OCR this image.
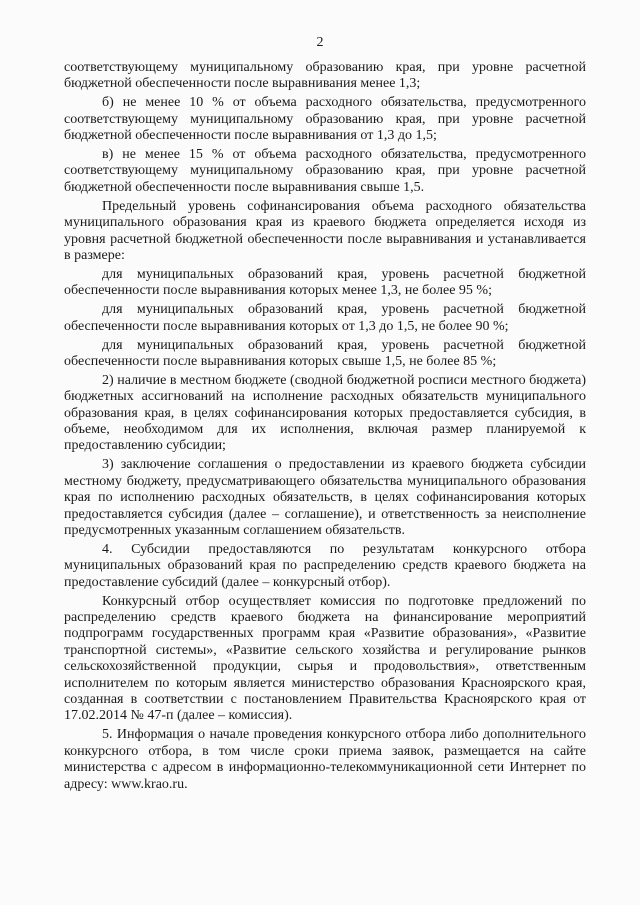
2

соответствующему муниципальному образованию края, при уровне расчетной бюджетной обеспеченности после выравнивания менее 1,3;

б) не менее 10 % от объема расходного обязательства, предусмотренного соответствующему муниципальному образованию края, при уровне расчетной бюджетной обеспеченности после выравнивания от 1,3 до 1,5;

в) не менее 15 % от объема расходного обязательства, предусмотренного соответствующему муниципальному образованию края, при уровне расчетной бюджетной обеспеченности после выравнивания свыше 1,5.

Предельный уровень софинансирования объема расходного обязательства муниципального образования края из краевого бюджета определяется исходя из уровня расчетной бюджетной обеспеченности после выравнивания и устанавливается в размере:

для муниципальных образований края, уровень расчетной бюджетной обеспеченности после выравнивания которых менее 1,3, не более 95 %;

для муниципальных образований края, уровень расчетной бюджетной обеспеченности после выравнивания которых от 1,3 до 1,5, не более 90 %;

для муниципальных образований края, уровень расчетной бюджетной обеспеченности после выравнивания которых свыше 1,5, не более 85 %;

2) наличие в местном бюджете (сводной бюджетной росписи местного бюджета) бюджетных ассигнований на исполнение расходных обязательств муниципального образования края, в целях софинансирования которых предоставляется субсидия, в объеме, необходимом для их исполнения, включая размер планируемой к предоставлению субсидии;

3) заключение соглашения о предоставлении из краевого бюджета субсидии местному бюджету, предусматривающего обязательства муниципального образования края по исполнению расходных обязательств, в целях софинансирования которых предоставляется субсидия (далее – соглашение), и ответственность за неисполнение предусмотренных указанным соглашением обязательств.

4. Субсидии предоставляются по результатам конкурсного отбора муниципальных образований края по распределению средств краевого бюджета на предоставление субсидий (далее – конкурсный отбор).

Конкурсный отбор осуществляет комиссия по подготовке предложений по распределению средств краевого бюджета на финансирование мероприятий подпрограмм государственных программ края «Развитие образования», «Развитие транспортной системы», «Развитие сельского хозяйства и регулирование рынков сельскохозяйственной продукции, сырья и продовольствия», ответственным исполнителем по которым является министерство образования Красноярского края, созданная в соответствии с постановлением Правительства Красноярского края от 17.02.2014 № 47-п (далее – комиссия).

5. Информация о начале проведения конкурсного отбора либо дополнительного конкурсного отбора, в том числе сроки приема заявок, размещается на сайте министерства с адресом в информационно-телекоммуникационной сети Интернет по адресу: www.krao.ru.
